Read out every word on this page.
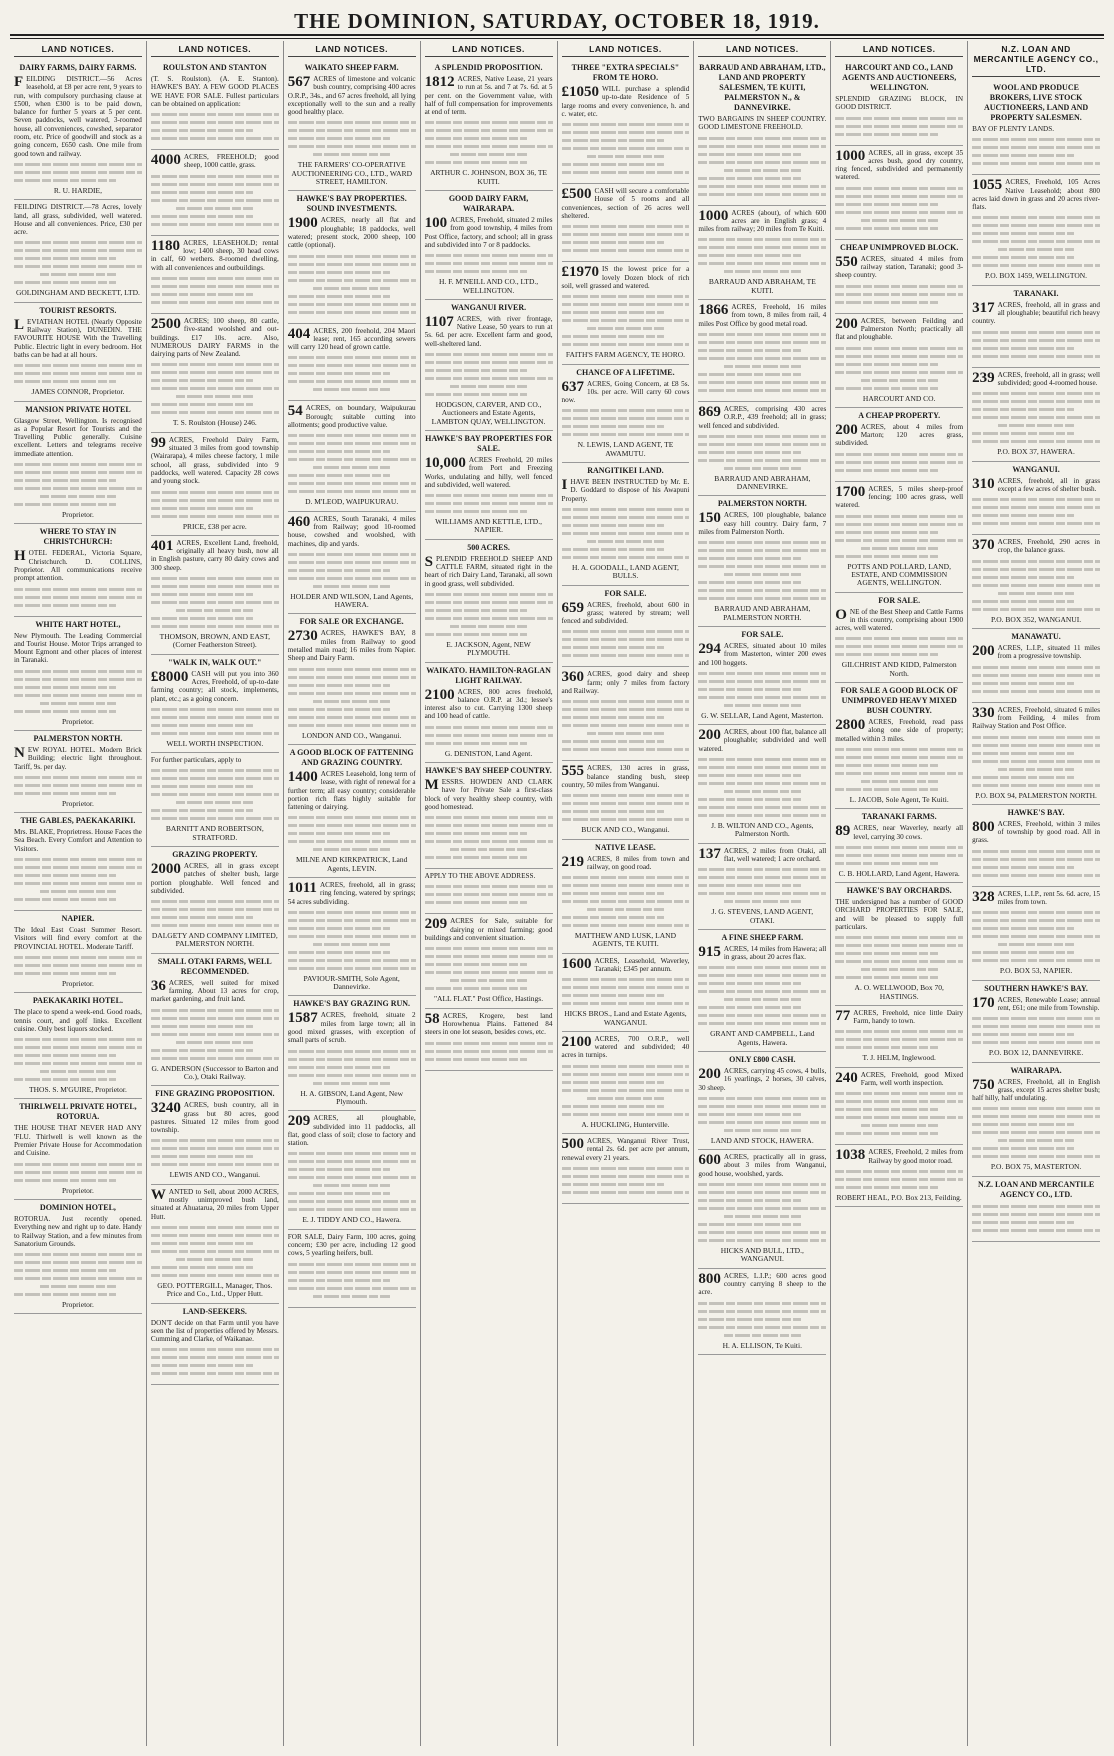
THE DOMINION, SATURDAY, OCTOBER 18, 1919.
LAND NOTICES.
DAIRY FARMS, DAIRY FARMS.
F EILDING DISTRICT.—56 Acres leasehold, at £8 per acre rent, 9 years to run, with compulsory purchasing clause at £500, when £300 is to be paid down, balance for further 5 years at 5 per cent. Seven paddocks, well watered, 3-roomed house, all conveniences, cowshed, separator room, etc. Price of goodwill and stock as a going concern, £650 cash. One mile from good town and railway.
R. U. HARDIE,
FEILDING DISTRICT.—78 Acres, lovely land, all grass, subdivided, well watered. House and all conveniences. Price, £30 per acre.
GOLDINGHAM AND BECKETT, LTD.
TOURIST RESORTS.
L EVIATHAN HOTEL (Nearly Opposite Railway Station), DUNEDIN. THE FAVOURITE HOUSE With the Travelling Public. Electric light in every bedroom. Hot baths can be had at all hours.
JAMES CONNOR, Proprietor.
MANSION PRIVATE HOTEL
Glasgow Street, Wellington. Is recognised as a Popular Resort for Tourists and the Travelling Public generally. Cuisine excellent. Letters and telegrams receive immediate attention.
Proprietor.
WHERE TO STAY IN CHRISTCHURCH:
H OTEL FEDERAL, Victoria Square, Christchurch. D. COLLINS, Proprietor. All communications receive prompt attention.
WHITE HART HOTEL,
New Plymouth. The Leading Commercial and Tourist House. Motor Trips arranged to Mount Egmont and other places of interest in Taranaki.
Proprietor.
PALMERSTON NORTH.
N EW ROYAL HOTEL. Modern Brick Building; electric light throughout. Tariff, 9s. per day.
Proprietor.
THE GABLES, PAEKAKARIKI.
Mrs. BLAKE, Proprietress. House Faces the Sea Beach. Every Comfort and Attention to Visitors.
NAPIER.
The Ideal East Coast Summer Resort. Visitors will find every comfort at the PROVINCIAL HOTEL. Moderate Tariff.
Proprietor.
PAEKAKARIKI HOTEL.
The place to spend a week-end. Good roads, tennis court, and golf links. Excellent cuisine. Only best liquors stocked.
THOS. S. M'GUIRE, Proprietor.
THIRLWELL PRIVATE HOTEL, ROTORUA.
THE HOUSE THAT NEVER HAD ANY 'FLU. Thirlwell is well known as the Premier Private House for Accommodation and Cuisine.
Proprietor.
DOMINION HOTEL,
ROTORUA. Just recently opened. Everything new and right up to date. Handy to Railway Station, and a few minutes from Sanatorium Grounds.
Proprietor.
LAND NOTICES.
ROULSTON AND STANTON
(T. S. Roulston). (A. E. Stanton). HAWKE'S BAY. A FEW GOOD PLACES WE HAVE FOR SALE. Fullest particulars can be obtained on application:
4000 ACRES, FREEHOLD; good sheep, 1000 cattle, grass.
1180 ACRES, LEASEHOLD; rental low; 1400 sheep, 30 head cows in calf, 60 wethers. 8-roomed dwelling, with all conveniences and outbuildings.
2500 ACRES; 100 sheep, 80 cattle, five-stand woolshed and out-buildings. £17 10s. acre. Also, NUMEROUS DAIRY FARMS in the dairying parts of New Zealand.
T. S. Roulston (House) 246.
99 ACRES, Freehold Dairy Farm, situated 3 miles from good township (Wairarapa), 4 miles cheese factory, 1 mile school, all grass, subdivided into 9 paddocks, well watered. Capacity 28 cows and young stock.
PRICE, £38 per acre.
401 ACRES, Excellent Land, freehold, originally all heavy bush, now all in English pasture, carry 80 dairy cows and 300 sheep.
THOMSON, BROWN, AND EAST, (Corner Featherston Street).
"WALK IN, WALK OUT."
£8000 CASH will put you into 360 Acres, Freehold, of up-to-date farming country; all stock, implements, plant, etc.; as a going concern.
WELL WORTH INSPECTION.
For further particulars, apply to
BARNITT AND ROBERTSON, STRATFORD.
GRAZING PROPERTY.
2000 ACRES, all in grass except patches of shelter bush, large portion ploughable. Well fenced and subdivided.
DALGETY AND COMPANY LIMITED, PALMERSTON NORTH.
SMALL OTAKI FARMS, WELL RECOMMENDED.
36 ACRES, well suited for mixed farming. About 13 acres for crop, market gardening, and fruit land.
G. ANDERSON (Successor to Barton and Co.), Otaki Railway.
FINE GRAZING PROPOSITION.
3240 ACRES, bush country, all in grass but 80 acres, good pastures. Situated 12 miles from good township.
LEWIS AND CO., Wanganui.
WANTED to Sell, about 2000 ACRES, mostly unimproved bush land, situated at Ahuatarua, 20 miles from Upper Hutt.
GEO. POTTERGILL, Manager, Thos. Price and Co., Ltd., Upper Hutt.
LAND-SEEKERS.
DON'T decide on that Farm until you have seen the list of properties offered by Messrs. Cumming and Clarke, of Waikanae.
LAND NOTICES.
WAIKATO SHEEP FARM.
567 ACRES of limestone and volcanic bush country, comprising 400 acres O.R.P., 34s., and 67 acres freehold, all lying exceptionally well to the sun and a really good healthy place.
THE FARMERS' CO-OPERATIVE AUCTIONEERING CO., LTD., WARD STREET, HAMILTON.
HAWKE'S BAY PROPERTIES. SOUND INVESTMENTS.
1900 ACRES, nearly all flat and ploughable; 18 paddocks, well watered; present stock, 2000 sheep, 100 cattle (optional).
404 ACRES, 200 freehold, 204 Maori lease; rent, 165 according sewers will carry 120 head of grown cattle.
54 ACRES, on boundary, Waipukurau Borough; suitable cutting into allotments; good productive value.
D. M'LEOD, WAIPUKURAU.
460 ACRES, South Taranaki, 4 miles from Railway; good 10-roomed house, cowshed and woolshed, with machines, dip and yards.
HOLDER AND WILSON, Land Agents, HAWERA.
FOR SALE OR EXCHANGE.
2730 ACRES, HAWKE'S BAY, 8 miles from Railway to good metalled main road; 16 miles from Napier. Sheep and Dairy Farm.
LONDON AND CO., Wanganui.
A GOOD BLOCK OF FATTENING AND GRAZING COUNTRY.
1400 ACRES Leasehold, long term of lease, with right of renewal for a further term; all easy country; considerable portion rich flats highly suitable for fattening or dairying.
MILNE AND KIRKPATRICK, Land Agents, LEVIN.
1011 ACRES, freehold, all in grass; ring fencing, watered by springs; 54 acres subdividing.
PAVIOUR-SMITH, Sole Agent, Dannevirke.
HAWKE'S BAY GRAZING RUN.
1587 ACRES, freehold, situate 2 miles from large town; all in good mixed grasses, with exception of small parts of scrub.
H. A. GIBSON, Land Agent, New Plymouth.
209 ACRES, all ploughable, subdivided into 11 paddocks, all flat, good class of soil; close to factory and station.
E. J. TIDDY AND CO., Hawera.
FOR SALE, Dairy Farm, 100 acres, going concern; £30 per acre, including 12 good cows, 5 yearling heifers, bull.
LAND NOTICES.
A SPLENDID PROPOSITION.
1812 ACRES, Native Lease, 21 years to run at 5s. and 7 at 7s. 6d. at 5 per cent. on the Government value, with half of full compensation for improvements at end of term.
ARTHUR C. JOHNSON, BOX 36, TE KUITI.
GOOD DAIRY FARM, WAIRARAPA.
100 ACRES, Freehold, situated 2 miles from good township, 4 miles from Post Office, factory, and school; all in grass and subdivided into 7 or 8 paddocks.
H. F. M'NEILL AND CO., LTD., WELLINGTON.
WANGANUI RIVER.
1107 ACRES, with river frontage, Native Lease, 50 years to run at 5s. 6d. per acre. Excellent farm and good, well-sheltered land.
HODGSON, CARVER, AND CO., Auctioneers and Estate Agents, LAMBTON QUAY, WELLINGTON.
HAWKE'S BAY PROPERTIES FOR SALE.
10,000 ACRES Freehold, 20 miles from Port and Freezing Works, undulating and hilly, well fenced and subdivided, well watered.
WILLIAMS AND KETTLE, LTD., NAPIER.
500 ACRES.
S PLENDID FREEHOLD SHEEP AND CATTLE FARM, situated right in the heart of rich Dairy Land, Taranaki, all sown in good grass, well subdivided.
E. JACKSON, Agent, NEW PLYMOUTH.
WAIKATO. HAMILTON-RAGLAN LIGHT RAILWAY.
2100 ACRES, 800 acres freehold, balance O.R.P. at 3d.; lessee's interest also to cut. Carrying 1300 sheep and 100 head of cattle.
G. DENISTON, Land Agent.
HAWKE'S BAY SHEEP COUNTRY.
M ESSRS. HOWDEN AND CLARK have for Private Sale a first-class block of very healthy sheep country, with good homestead.
APPLY TO THE ABOVE ADDRESS.
209 ACRES for Sale, suitable for dairying or mixed farming; good buildings and convenient situation.
"ALL FLAT." Post Office, Hastings.
58 ACRES, Krogere, best land Horowhenua Plains. Fattened 84 steers in one lot season, besides cows, etc.
LAND NOTICES.
THREE "EXTRA SPECIALS" FROM TE HORO.
£1050 WILL purchase a splendid up-to-date Residence of 5 large rooms and every convenience, h. and c. water, etc.
£500 CASH will secure a comfortable House of 5 rooms and all conveniences, section of 26 acres well sheltered.
£1970 IS the lowest price for a lovely Dozen block of rich soil, well grassed and watered.
FAITH'S FARM AGENCY, TE HORO.
CHANCE OF A LIFETIME.
637 ACRES, Going Concern, at £8 5s. 10s. per acre. Will carry 60 cows now.
N. LEWIS, LAND AGENT, TE AWAMUTU.
RANGITIKEI LAND.
I HAVE BEEN INSTRUCTED by Mr. E. D. Goddard to dispose of his Awapuni Property.
H. A. GOODALL, LAND AGENT, BULLS.
FOR SALE.
659 ACRES, freehold, about 600 in grass; watered by stream; well fenced and subdivided.
360 ACRES, good dairy and sheep farm; only 7 miles from factory and Railway.
555 ACRES, 130 acres in grass, balance standing bush, steep country, 50 miles from Wanganui.
BUCK AND CO., Wanganui.
NATIVE LEASE.
219 ACRES, 8 miles from town and railway, on good road.
MATTHEW AND LUSK, LAND AGENTS, TE KUITI.
1600 ACRES, Leasehold, Waverley, Taranaki; £345 per annum.
HICKS BROS., Land and Estate Agents, WANGANUI.
2100 ACRES, 700 O.R.P., well watered and subdivided; 40 acres in turnips.
A. HUCKLING, Hunterville.
500 ACRES, Wanganui River Trust, rental 2s. 6d. per acre per annum, renewal every 21 years.
LAND NOTICES.
BARRAUD AND ABRAHAM, LTD., LAND AND PROPERTY SALESMEN, TE KUITI, PALMERSTON N., & DANNEVIRKE.
TWO BARGAINS IN SHEEP COUNTRY. GOOD LIMESTONE FREEHOLD.
1000 ACRES (about), of which 600 acres are in English grass; 4 miles from railway; 20 miles from Te Kuiti.
BARRAUD AND ABRAHAM, TE KUITI.
1866 ACRES, Freehold, 16 miles from town, 8 miles from rail, 4 miles Post Office by good metal road.
869 ACRES, comprising 430 acres O.R.P., 439 freehold; all in grass; well fenced and subdivided.
BARRAUD AND ABRAHAM, DANNEVIRKE.
PALMERSTON NORTH.
150 ACRES, 100 ploughable, balance easy hill country. Dairy farm, 7 miles from Palmerston North.
BARRAUD AND ABRAHAM, PALMERSTON NORTH.
FOR SALE.
294 ACRES, situated about 10 miles from Masterton, winter 200 ewes and 100 hoggets.
G. W. SELLAR, Land Agent, Masterton.
200 ACRES, about 100 flat, balance all ploughable; subdivided and well watered.
J. B. WILTON AND CO., Agents, Palmerston North.
137 ACRES, 2 miles from Otaki, all flat, well watered; 1 acre orchard.
J. G. STEVENS, LAND AGENT, OTAKI.
A FINE SHEEP FARM.
915 ACRES, 14 miles from Hawera; all in grass, about 20 acres flax.
GRANT AND CAMPBELL, Land Agents, Hawera.
ONLY £800 CASH.
200 ACRES, carrying 45 cows, 4 bulls, 16 yearlings, 2 horses, 30 calves, 30 sheep.
LAND AND STOCK, HAWERA.
600 ACRES, practically all in grass, about 3 miles from Wanganui, good house, woolshed, yards.
HICKS AND BULL, LTD., WANGANUI.
800 ACRES, L.I.P.; 600 acres good country carrying 8 sheep to the acre.
H. A. ELLISON, Te Kuiti.
LAND NOTICES.
HARCOURT AND CO., LAND AGENTS AND AUCTIONEERS, WELLINGTON.
SPLENDID GRAZING BLOCK, IN GOOD DISTRICT.
1000 ACRES, all in grass, except 35 acres bush, good dry country, ring fenced, subdivided and permanently watered.
CHEAP UNIMPROVED BLOCK.
550 ACRES, situated 4 miles from railway station, Taranaki; good 3-sheep country.
200 ACRES, between Feilding and Palmerston North; practically all flat and ploughable.
HARCOURT AND CO.
A CHEAP PROPERTY.
200 ACRES, about 4 miles from Marton; 120 acres grass, subdivided.
1700 ACRES, 5 miles sheep-proof fencing; 100 acres grass, well watered.
POTTS AND POLLARD, LAND, ESTATE, AND COMMISSION AGENTS, WELLINGTON.
FOR SALE.
O NE of the Best Sheep and Cattle Farms in this country, comprising about 1900 acres, well watered.
GILCHRIST AND KIDD, Palmerston North.
FOR SALE A GOOD BLOCK OF UNIMPROVED HEAVY MIXED BUSH COUNTRY.
2800 ACRES, Freehold, read pass along one side of property; metalled within 3 miles.
L. JACOB, Sole Agent, Te Kuiti.
TARANAKI FARMS.
89 ACRES, near Waverley, nearly all level, carrying 30 cows.
C. B. HOLLARD, Land Agent, Hawera.
HAWKE'S BAY ORCHARDS.
THE undersigned has a number of GOOD ORCHARD PROPERTIES FOR SALE, and will be pleased to supply full particulars.
A. O. WELLWOOD, Box 70, HASTINGS.
77 ACRES, Freehold, nice little Dairy Farm, handy to town.
T. J. HELM, Inglewood.
240 ACRES, Freehold, good Mixed Farm, well worth inspection.
1038 ACRES, Freehold, 2 miles from Railway by good motor road.
ROBERT HEAL, P.O. Box 213, Feilding.
N.Z. LOAN AND MERCANTILE AGENCY CO., LTD.
WOOL AND PRODUCE BROKERS, LIVE STOCK AUCTIONEERS, LAND AND PROPERTY SALESMEN.
BAY OF PLENTY LANDS.
1055 ACRES, Freehold, 105 Acres Native Leasehold; about 800 acres laid down in grass and 20 acres river-flats.
P.O. BOX 1459, WELLINGTON.
TARANAKI.
317 ACRES, freehold, all in grass and all ploughable; beautiful rich heavy country.
239 ACRES, freehold, all in grass; well subdivided; good 4-roomed house.
P.O. BOX 37, HAWERA.
WANGANUI.
310 ACRES, freehold, all in grass except a few acres of shelter bush.
370 ACRES, Freehold, 290 acres in crop, the balance grass.
P.O. BOX 352, WANGANUI.
MANAWATU.
200 ACRES, L.I.P., situated 11 miles from a progressive township.
330 ACRES, Freehold, situated 6 miles from Feilding, 4 miles from Railway Station and Post Office.
P.O. BOX 94, PALMERSTON NORTH.
HAWKE'S BAY.
800 ACRES, Freehold, within 3 miles of township by good road. All in grass.
328 ACRES, L.I.P., rent 5s. 6d. acre, 15 miles from town.
P.O. BOX 53, NAPIER.
SOUTHERN HAWKE'S BAY.
170 ACRES, Renewable Lease; annual rent, £61; one mile from Township.
P.O. BOX 12, DANNEVIRKE.
WAIRARAPA.
750 ACRES, Freehold, all in English grass, except 15 acres shelter bush; half hilly, half undulating.
P.O. BOX 75, MASTERTON.
N.Z. LOAN AND MERCANTILE AGENCY CO., LTD.
